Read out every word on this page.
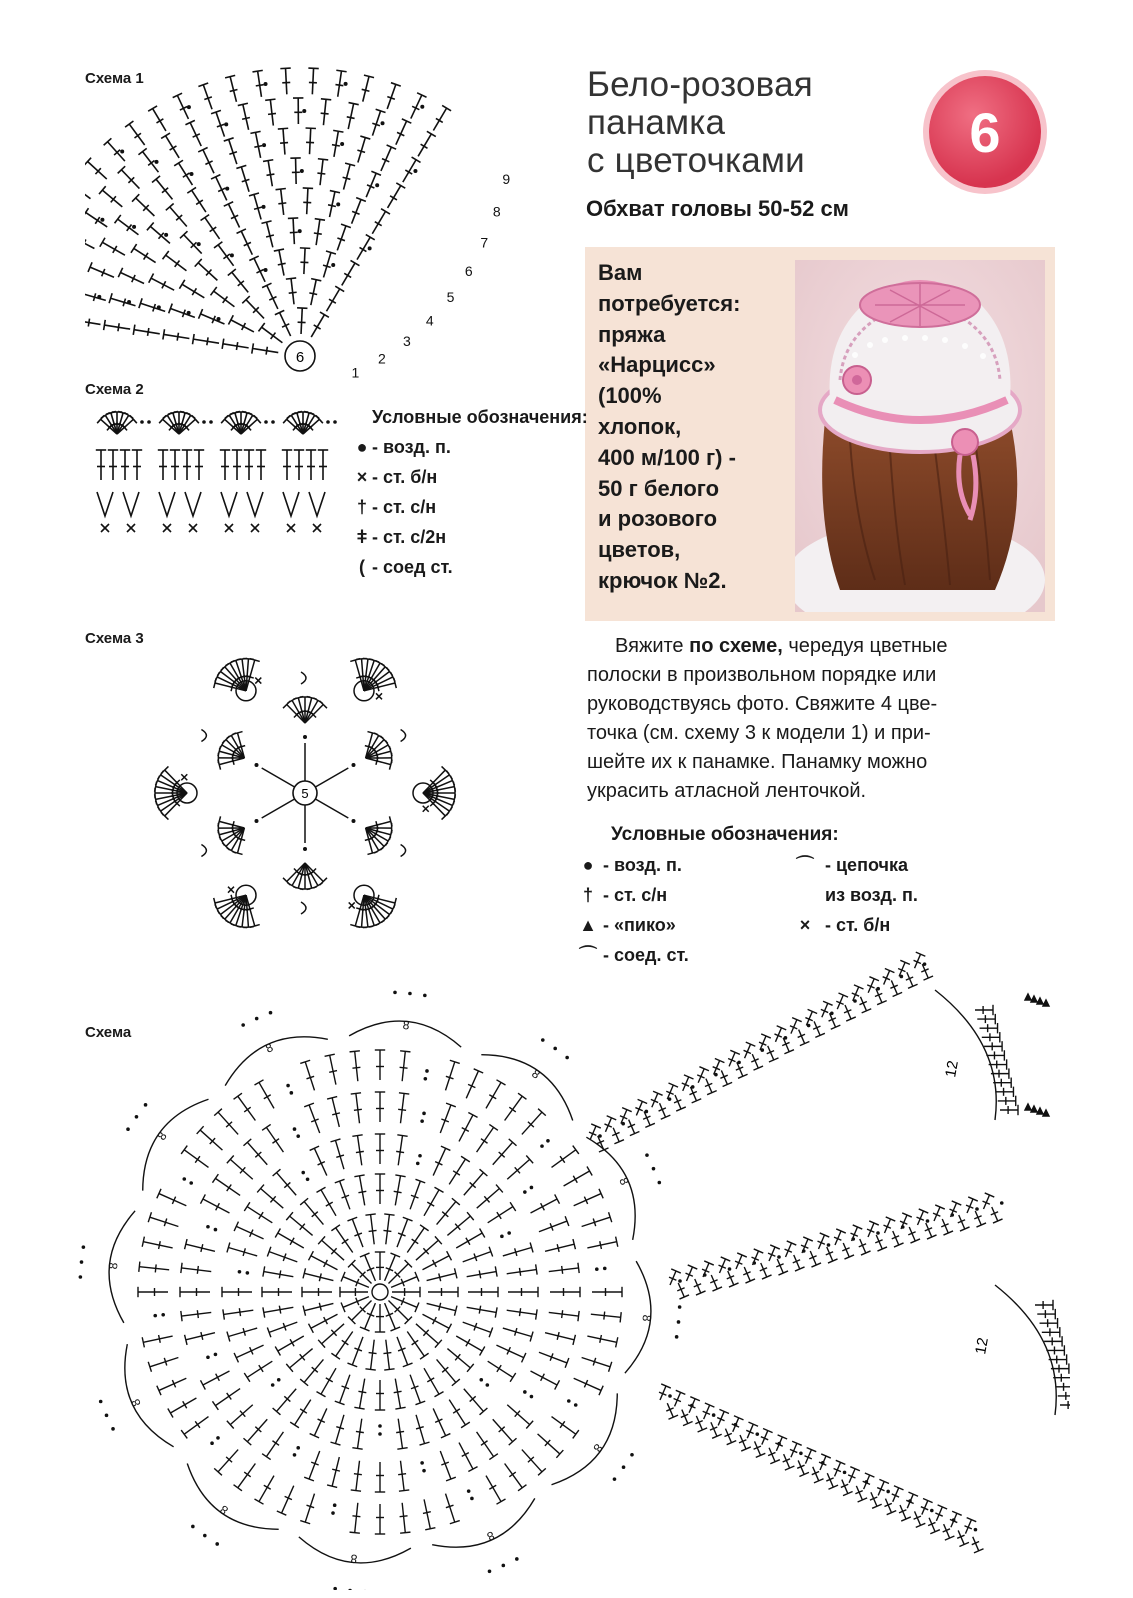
Бело-розовая
панамка
с цветочками	6
Обхват головы 50-52 см
Вам
потребуется:
пряжа
«Нарцисс»
(100%
хлопок,
400 м/100 г) -
50 г белого
и розового
цветов,
крючок №2.
Вяжите по схеме, чередуя цветные
полоски в произвольном порядке или
руководствуясь фото. Свяжите 4 цве-
точка (см. схему 3 к модели 1) и при-
шейте их к панамке. Панамку можно
украсить атласной ленточкой.
Условные обозначения:
● - возд. п.
× - ст. б/н
† - ст. с/н
ǂ - ст. с/2н
( - соед ст.
Условные обозначения:
● - возд. п.
† - ст. с/н
▲ - «пико»
⌒ - соед. ст.
⌒ - цепочка
из возд. п.
× - ст. б/н
Схема 1
Схема 2
Схема 3
Схема
6
1
2
3
4
5
6
7
8
9
5
8
8
8
8
8
8
8
8
8
8
8
8
12
12
